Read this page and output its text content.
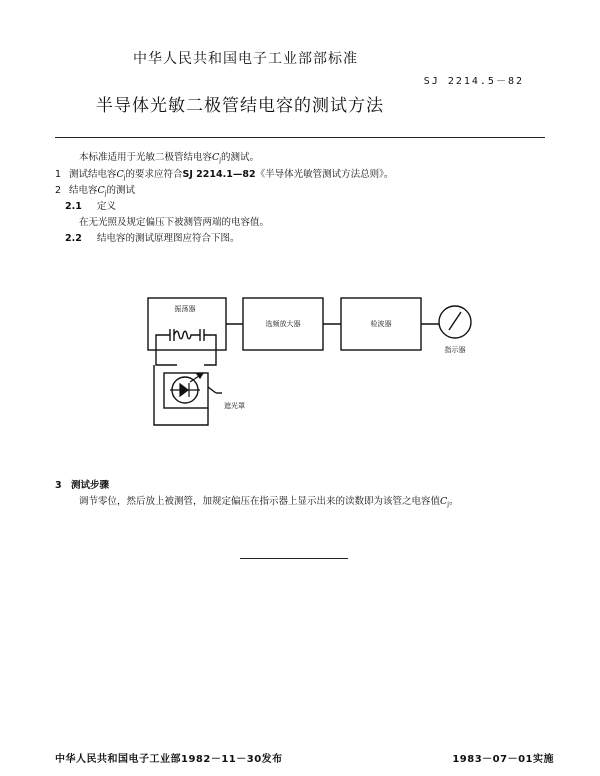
中华人民共和国电子工业部部标准
SJ 2214.5－82
半导体光敏二极管结电容的测试方法
本标准适用于光敏二极管结电容$C_j$的测试。
1 测试结电容$C_j$的要求应符合SJ 2214.1—82《半导体光敏管测试方法总则》。
2 结电容$C_j$的测试
2.1 定义
在无光照及规定偏压下被测管两端的电容值。
2.2 结电容的测试原理图应符合下图。
振荡器
选频放大器	检波器
指示器
遮光罩
3 测试步骤
调节零位，然后放上被测管，加规定偏压在指示器上显示出来的读数即为该管之电容值$C_j$。
中华人民共和国电子工业部1982－11－30发布	1983－07－01实施
